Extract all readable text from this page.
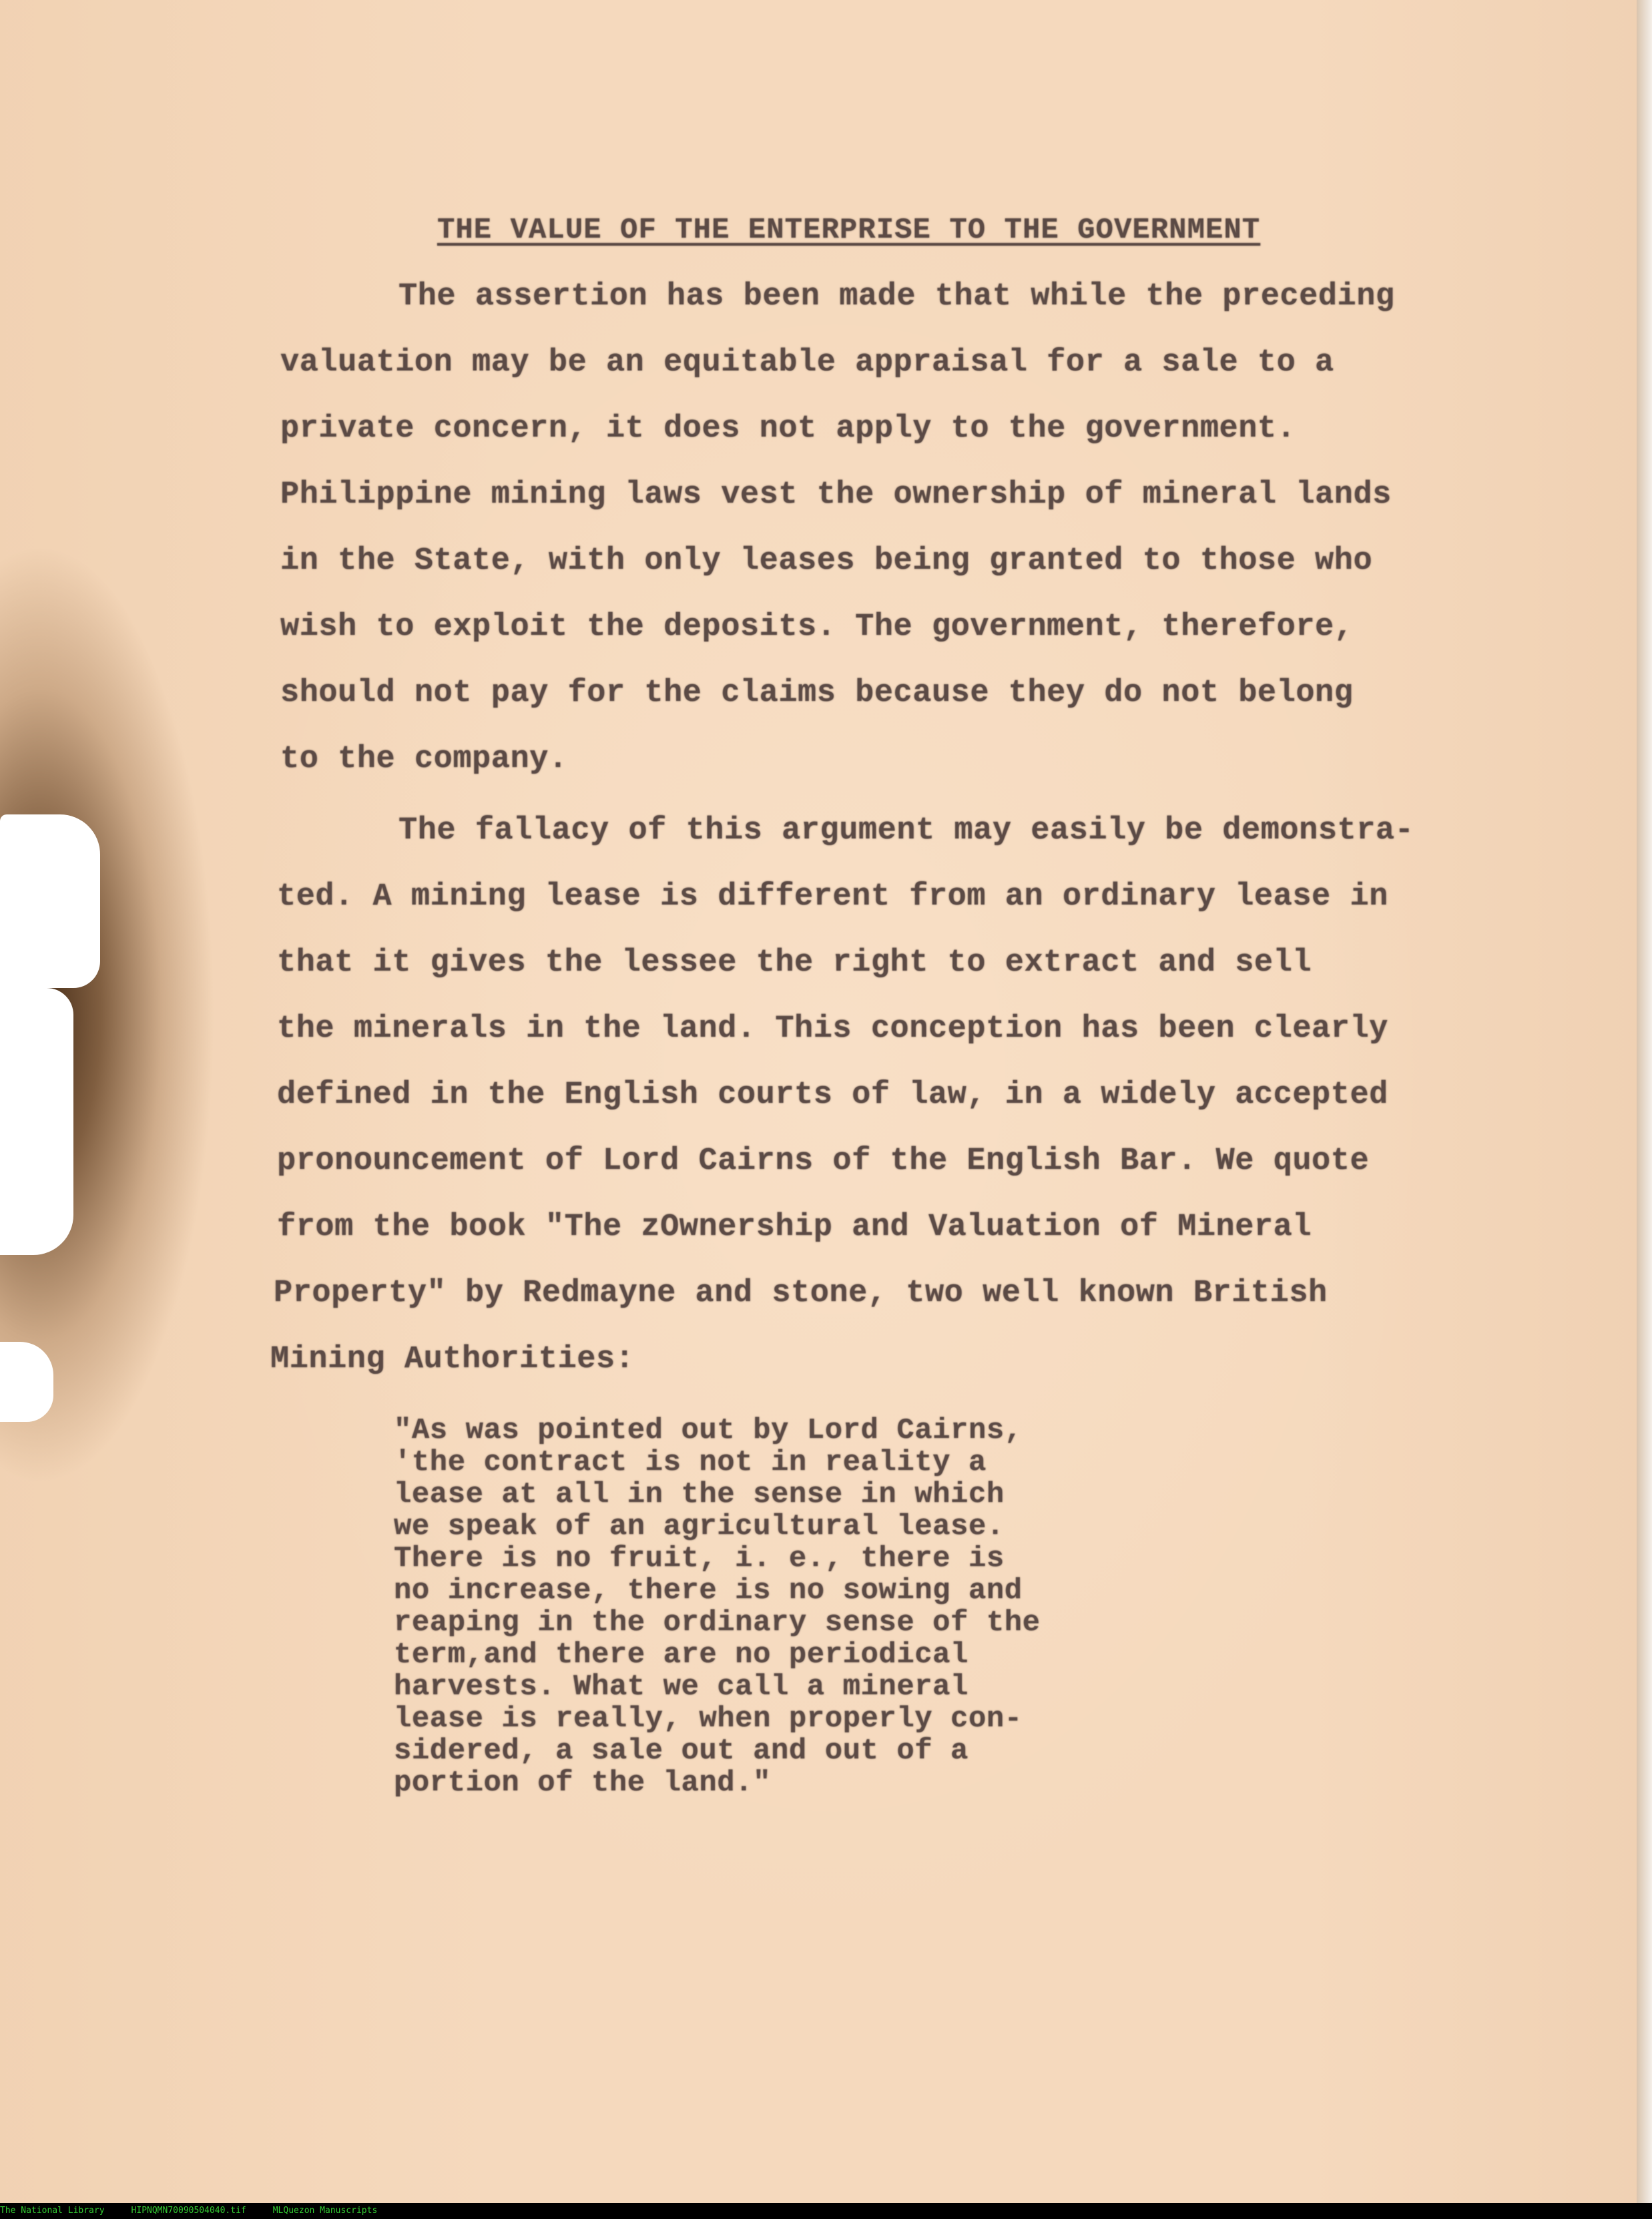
THE VALUE OF THE ENTERPRISE TO THE GOVERNMENT
The assertion has been made that while the preceding
valuation may be an equitable appraisal for a sale to a
private concern, it does not apply to the government.
Philippine mining laws vest the ownership of mineral lands
in the State, with only leases being granted to those who
wish to exploit the deposits. The government, therefore,
should not pay for the claims because they do not belong
to the company.
The fallacy of this argument may easily be demonstra-
ted. A mining lease is different from an ordinary lease in
that it gives the lessee the right to extract and sell
the minerals in the land. This conception has been clearly
defined in the English courts of law, in a widely accepted
pronouncement of Lord Cairns of the English Bar. We quote
from the book "The zOwnership and Valuation of Mineral
Property" by Redmayne and stone, two well known British
Mining Authorities:
"As was pointed out by Lord Cairns,
'the contract is not in reality a
lease at all in the sense in which
we speak of an agricultural lease.
There is no fruit, i. e., there is
no increase, there is no sowing and
reaping in the ordinary sense of the
term,and there are no periodical
harvests. What we call a mineral
lease is really, when properly con-
sidered, a sale out and out of a
portion of the land."
The National Library	HIPNQMN70090504040.tif	MLQuezon Manuscripts
